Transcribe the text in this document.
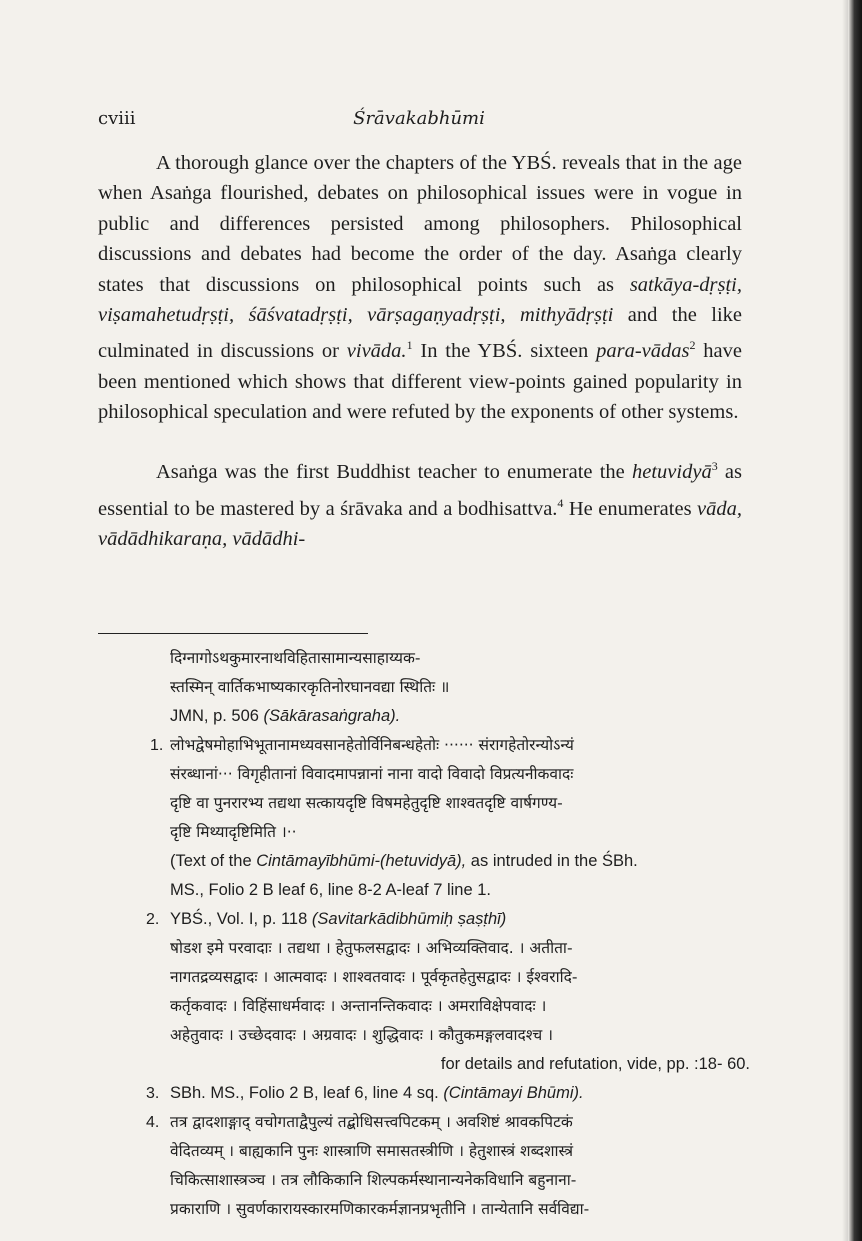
cviii	Śrāvakabhūmi

A thorough glance over the chapters of the YBŚ. reveals that in the age when Asaṅga flourished, debates on philosophical issues were in vogue in public and differences persisted among philosophers. Philosophical discussions and debates had become the order of the day. Asaṅga clearly states that discussions on philosophical points such as satkāya-dṛṣṭi, viṣamahetudṛṣṭi, śāśvatadṛṣṭi, vārṣagaṇyadṛṣṭi, mithyādṛṣṭi and the like culminated in discussions or vivāda.$^1$ In the YBŚ. sixteen para-vādas$^2$ have been mentioned which shows that different view-points gained popularity in philosophical speculation and were refuted by the exponents of other systems.

Asaṅga was the first Buddhist teacher to enumerate the hetuvidyā$^3$ as essential to be mastered by a śrāvaka and a bodhisattva.$^4$ He enumerates vāda, vādādhikaraṇa, vādādhi-

दिग्नागोऽथकुमारनाथविहितासामान्यसाहाय्यक-
स्तस्मिन् वार्तिकभाष्यकारकृतिनोरघानवद्या स्थितिः ॥
JMN, p. 506 (Sākārasaṅgraha).
1. लोभद्वेषमोहाभिभूतानामध्यवसानहेतोर्विनिबन्धहेतोः ······ संरागहेतोरन्योऽन्यं
संरब्धानां··· विगृहीतानां विवादमापन्नानां नाना वादो विवादो विप्रत्यनीकवादः
दृष्टि वा पुनरारभ्य तद्यथा सत्कायदृष्टि विषमहेतुदृष्टि शाश्वतदृष्टि वार्षगण्य-
दृष्टि मिथ्यादृष्टिमिति ।··
(Text of the Cintāmayībhūmi-(hetuvidyā), as intruded in the ŚBh.
MS., Folio 2 B leaf 6, line 8-2 A-leaf 7 line 1.
2. YBŚ., Vol. I, p. 118 (Savitarkādibhūmiḥ ṣaṣṭhī)
षोडश इमे परवादाः । तद्यथा । हेतुफलसद्वादः । अभिव्यक्तिवाद. । अतीता-
नागतद्रव्यसद्वादः । आत्मवादः । शाश्वतवादः । पूर्वकृतहेतुसद्वादः । ईश्वरादि-
कर्तृकवादः । विहिंसाधर्मवादः । अन्तानन्तिकवादः । अमराविक्षेपवादः ।
अहेतुवादः । उच्छेदवादः । अग्रवादः । शुद्धिवादः । कौतुकमङ्गलवादश्च ।
for details and refutation, vide, pp. :18- 60.
3. SBh. MS., Folio 2 B, leaf 6, line 4 sq. (Cintāmayi Bhūmi).
4. तत्र द्वादशाङ्गाद् वचोगताद्वैपुल्यं तद्बोधिसत्त्वपिटकम् । अवशिष्टं श्रावकपिटकं
वेदितव्यम् । बाह्यकानि पुनः शास्त्राणि समासतस्त्रीणि । हेतुशास्त्रं शब्दशास्त्रं
चिकित्साशास्त्रञ्च । तत्र लौकिकानि शिल्पकर्मस्थानान्यनेकविधानि बहुनाना-
प्रकाराणि । सुवर्णकारायस्कारमणिकारकर्मज्ञानप्रभृतीनि । तान्येतानि सर्वविद्या-
